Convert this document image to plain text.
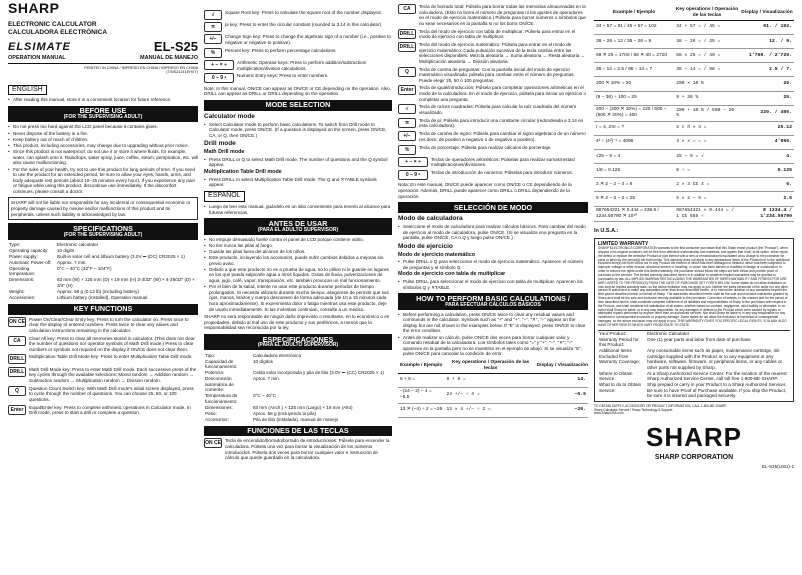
SHARP
ELECTRONIC CALCULATOR
CALCULADORA ELECTRÓNICA
ELSIMATE	EL-S25
OPERATION MANUAL	MANUAL DE MANEJO
PRINTED IN CHINA / IMPRESO EN CHINA / IMPRESO EN CHINA
(TINSZ1141EHXT)
ENGLISH
• After reading this manual, store it in a convenient location for future reference.
BEFORE USE
(FOR THE SUPERVISING ADULT)
• Do not press too hard against the LCD panel because it contains glass.
• Never dispose of the battery in a fire.
• Keep battery out of reach of children.
• This product, including accessories, may change due to upgrading without prior notice.
• Since this product is not waterproof, do not use it or store it where fluids, for example, water, can splash onto it. Raindrops, water spray, juice, coffee, steam, perspiration, etc. will also cause malfunctioning.
• For the sake of your health, try not to use this product for long periods of time. If you need to use the product for an extended period, be sure to allow your eyes, hands, arms, and body adequate rest periods (about 10–15 minutes every hour). If you experience any pain or fatigue while using this product, discontinue use immediately. If the discomfort continues, please consult a doctor.
SHARP will not be liable nor responsible for any incidental or consequential economic or property damage caused by misuse and/or malfunctions of this product and its peripherals, unless such liability is acknowledged by law.
SPECIFICATIONS
(FOR THE SUPERVISING ADULT)
Type:	Electronic calculator
Operating capacity:	10 digits
Power supply:	Built-in solar cell and lithium battery (3.0V ⎓ (DC) CR2025 × 1)
Automatic Power-off:	Approx. 7 min.
Operating temperature:	0°C – 40°C (32°F – 104°F)
Dimensions:	83 mm (W) × 125 mm (D) × 19 mm (H) 3-3/32" (W) × 4-29/32" (D) × 3/4" (H)
Weight:	Approx. 58 g (0.13 lb) (including battery)
Accessories:	Lithium battery (installed), Operation manual
KEY FUNCTIONS
ON CE Power On/Clear/Clear Entry key: Press to turn the calculator on. Press once to clear the display of entered numbers. Press twice to clear any values and calculation instructions remaining in the calculator.
CA	Clear All key: Press to clear all memories stored in calculator. (This does not clear the number of questions nor operator symbols of Math Drill mode.) Press to clear numbers or symbols not required on the display if ON/CE does not clear them.
DRILL	Multiplication Table Drill Mode key: Press to enter Multiplication Table Drill mode.
DRILL	Math Drill Mode key: Press to enter Math Drill mode. Each successive press of the key cycles through the available selections: Mixed random → Addition random → Subtraction random → Multiplication random → Division random.
Q	Question Count Switch key: With Math Drill mode's initial screen displayed, press to cycle through the number of questions. You can choose 25, 50, or 100 questions.
Enter	Equal/Enter key: Press to complete arithmetic operations in Calculator mode. In Drill mode, press to start a drill or complete a question.
√	Square Root key: Press to calculate the square root of the number displayed.
π	pi key: Press to enter the circular constant (rounded to 3.14 in this calculator).
+/−	Change Sign key: Press to change the algebraic sign of a number (i.e., positive to negative or negative to positive).
%	Percent key: Press to perform percentage calculations.
+ − × ÷	Arithmetic Operator keys: Press to perform addition/subtraction/ multiplication/division calculations.
0 – 9 •	Numeric Entry keys: Press to enter numbers.
Note: In this manual, ON/CE can appear as ON/CE or CE depending on the operation. Also, DRILL can appear as DRILL or DRILL depending on the operation.
MODE SELECTION
Calculator mode
• Select Calculator mode to perform basic calculations. To switch from Drill mode to Calculator mode, press ON/CE. (If a question is displayed on the screen, press ON/CE, CA, or Q, then ON/CE.)
Drill mode
Math Drill mode
• Press DRILL or Q to select Math Drill mode. The number of questions and the Q symbol appear.
Multiplication Table Drill mode
• Press DRILL to select Multiplication Table Drill mode. The Q and ✕TABLE symbols appear.
ESPAÑOL
• Luego de leer este manual, guárdelo en un sitio conveniente para tenerlo al alcance para futuras referencias.
ANTES DE USAR
(PARA EL ADULTO SUPERVISOR)
• No empuje demasiado fuerte contra el panel de LCD porque contiene vidrio.
• No tire nunca las pilas al fuego.
• Guarde las pilas fuera del alcance de los niños.
• Este producto, incluyendo los accesorios, puede sufrir cambios debidos a mejoras sin previo aviso.
• Debido a que este producto no es a prueba de agua, no lo utilice ni lo guarde en lugares en los que pueda salpicarle agua u otros líquidos. Gotas de lluvia, pulverizaciones de agua, jugo, café, vapor, transpiración, etc. también provocan un mal funcionamiento.
• Por el bien de la salud, intente no usar este producto durante períodos de tiempo prolongados. Si necesita utilizarlo durante mucho tiempo, asegúrese de permitir que sus ojos, manos, brazos y cuerpo descansen de forma adecuada (de 10 a 15 minutos cada hora aproximadamente). Si experimenta dolor o fatiga mientras usa este producto, deje de usarlo inmediatamente. Si las molestias continúan, consulte a un médico.
SHARP no será responsable de ningún daño imprevisto o resultante, en lo económico o en propiedades, debido al mal uso de este producto y sus periféricos, a menos que la responsabilidad sea reconocida por la ley.
ESPECIFICACIONES
(PARA EL ADULTO SUPERVISOR)
Tipo:	Calculadora electrónica
Capacidad de funcionamiento:	10 dígitos
Potencia:	Celda solar incorporada y pila de litio (3.0V ⎓ (CC) CR2025 × 1)
Desconexión automática de corriente:	Aprox. 7 min.
Temperatura de funcionamiento:	0°C – 40°C
Dimensiones:	83 mm (Anch.) × 125 mm (Largo) × 19 mm (Alto)
Peso:	Aprox. 58 g (incluyendo la pila)
Accesorios:	Pila de litio (instalada), manual de manejo
FUNCIONES DE LAS TECLAS
ON CE Tecla de encendido/borrado/borrado de introducciones: Púlsela para encender la calculadora. Púlsela una vez para borrar la visualización de los números introducidos. Púlsela dos veces para borrar cualquier valor e instrucción de cálculo que quede guardado en la calculadora.
CA	Tecla de borrado total: Púlsela para borrar todas las memorias almacenadas en la calculadora. (Esto no borra el número de preguntas ni los ajustes de operadores en el modo de ejercicio matemático.) Púlsela para borrar números o símbolos que no sean necesarios en la pantalla si no los borra ON/CE.
DRILL	Tecla del modo de ejercicio con tabla de multiplicar: Púlsela para entrar en el modo de ejercicio con tabla de multiplicar.
DRILL	Tecla del modo de ejercicio matemático: Púlsela para entrar en el modo de ejercicio matemático. Cada pulsación sucesiva de la tecla cambia entre las selecciones disponibles: Mezcla aleatoria → Suma aleatoria → Resta aleatoria → Multiplicación aleatoria → División aleatoria.
Q	Tecla de cuenta de preguntas: Con la pantalla inicial del modo de ejercicio matemático visualizada, púlsela para cambiar entre el número de preguntas. Puede elegir 25, 50 ó 100 preguntas.
Enter	Tecla de igual/introducción: Púlsela para completar operaciones aritméticas en el modo de la calculadora. En el modo de ejercicio, púlsela para iniciar un ejercicio o completar una pregunta.
√	Tecla de raíces cuadradas: Púlsela para calcular la raíz cuadrada del número visualizado.
π	Tecla de pi: Púlsela para introducir una constante circular (redondeada a 3,14 en esta calculadora).
+/−	Tecla de cambio de signo: Púlsela para cambiar el signo algebraico de un número (es decir, de positivo a negativo o de negativo a positivo).
%	Tecla de porcentaje: Púlsela para realizar cálculos de porcentaje.
+ − × ÷	Teclas de operadores aritméticos: Púlselas para realizar sumas/restas/ multiplicaciones/divisiones.
0 – 9 •	Teclas de introducción de números: Púlselas para introducir números.
Nota: En este manual, ON/CE puede aparecer como ON/CE o CE dependiendo de la operación. Además, DRILL puede aparecer como DRILL o DRILL dependiendo de la operación.
SELECCIÓN DE MODO
Modo de calculadora
• Seleccione el modo de calculadora para realizar cálculos básicos. Para cambiar del modo de ejercicio al modo de calculadora, pulse ON/CE. (Si se visualiza una pregunta en la pantalla, pulse ON/CE, CA o Q y luego pulse ON/CE.)
Modo de ejercicio
Modo de ejercicio matemático
• Pulse DRILL o Q para seleccionar el modo de ejercicio matemático. Aparecen el número de preguntas y el símbolo Q.
Modo de ejercicio con tabla de multiplicar
• Pulse DRILL para seleccionar el modo de ejercicio con tabla de multiplicar. Aparecen los símbolos Q y ✕TABLE.
HOW TO PERFORM BASIC CALCULATIONS /
PARA EFECTUAR CÁLCULOS BÁSICOS
• Before performing a calculation, press ON/CE twice to clear any residual values and commands in the calculator. Symbols such as "+" and "+", "−", "✕", "÷" appear on the display but are not shown in the examples below. If "E" is displayed, press ON/CE to clear the error condition.
• Antes de realizar un cálculo, pulse ON/CE dos veces para borrar cualquier valor y comando residual de la calculadora. Los símbolos tales como "=" y "+", "−", "✕", "÷" aparecen en la pantalla pero no se muestran en el ejemplo de abajo. Si se visualiza "E", pulse ON/CE para cancelar la condición de error.
Example / Ejemplo	Key operations / Operación de las teclas	Display / Visualización
6 + 8 =	6 + 8 =	14.
−(24 − 2) − 4 = −5.5	24 +/− ÷ 4 =	−5.5
13 ✕ (−4) ÷ 2 = −26	13 ✕ 4 +/− ÷ 2 =	−26.
Example / Ejemplo	Key operations / Operación de las teclas	Display / Visualización
34 + 57 = 91 / 45 + 57 = 102	34 + 57 = / 45 =	91. / 102.
38 − 26 = 12 / 35 − 26 = 9	38 − 26 = / 35 =	12. / 9.
68 ✕ 25 = 1700 / 68 ✕ 40 = 2720	68 ✕ 25 = / 40 =	1'700. / 2'720.
36 ÷ 14 = 2.5 / 98 ÷ 14 = 7	36 ÷ 14 = / 98 =	2.5 / 7.
200 ✕ 10% = 20	200 ✕ 10 %	20.
(9 − 36) ÷ 100 = 25	9 + 36 %	25.
200 − (200 ✕ 10%) = 220 / 500 − (500 ✕ 20%) = 400	200 + 10 % / 500 − 20 %	220. / 400.
r = 4, 2πr = ?	2 ✕ π ✕ 4 =	25.12
4² ÷ (4²)⁻¹ = 4096	4 ✕ ✕ = = =	4'096.
√25 − 9 = 4	25 − 9 = √	4.
1/8 = 0.125	8 ÷ =	0.125
2 ✕ 2 − 2 − 4 = 6	2 ✕ 3 CE 4 =	6.
5 ✕ 2 − 5 − 2 = 25	5 ✕ 2 − 5 =	2.5
987654321 ✕ 0.444 = 438.5 / 1234.56790 ✕ 10¹⁰	987654321 ✕ 0.444 = / 1 CE 555 ÷	E 1234.4 / 1'234.56790
In U.S.A.:
LIMITED WARRANTY
SHARP ELECTRONICS CORPORATION warrants to the first consumer purchaser that this Sharp brand product (the "Product"), when shipped in its original container, will be free from defective workmanship and materials, and agrees that it will, at its option, either repair the defect or replace the defective Product or part thereof with a new or remanufactured equivalent at no charge to the purchaser for parts or labor for the period(s) set forth below. This warranty does not apply to any appearance items of the Product nor to the additional excluded item(s) set forth below nor to any Product the exterior of which has been damaged or defaced, which has been subjected to improper voltage or other misuse, abnormal service or handling, or which has been altered or modified in design or construction. In order to enforce the rights under this limited warranty, the purchaser should follow the steps set forth below and provide proof of purchase to the servicer. The limited warranty described herein is in addition to whatever implied warranties may be granted to purchasers by law. ALL IMPLIED WARRANTIES INCLUDING THE WARRANTIES OF MERCHANTABILITY AND FITNESS FOR USE ARE LIMITED TO THE PERIOD(S) FROM THE DATE OF PURCHASE SET FORTH BELOW. Some states do not allow limitations on how long an implied warranty lasts, so the above limitation may not apply to you. Neither the sales personnel of the seller nor any other person is authorized to make any warranties other than those described herein, or to extend the duration of any warranties beyond the time period described herein on behalf of Sharp. The warranties described herein shall be the sole and exclusive warranties granted by Sharp and shall be the sole and exclusive remedy available to the purchaser. Correction of defects, in the manner and for the period of time described herein, shall constitute complete fulfillment of all liabilities and responsibilities of Sharp to the purchaser with respect to the Product, and shall constitute full satisfaction of all claims, whether based on contract, negligence, strict liability or otherwise. In no event shall Sharp be liable, or in any way responsible, for any damages or defects in the Product which were caused by repairs or attempted repairs performed by anyone other than an authorized servicer. Nor shall Sharp be liable or in any way responsible for any incidental or consequential economic or property damage. Some states do not allow the exclusion of incidental or consequential damages, so the above exclusion may not apply to you. THIS WARRANTY GIVES YOU SPECIFIC LEGAL RIGHTS. YOU MAY ALSO HAVE OTHER RIGHTS WHICH VARY FROM STATE TO STATE.
Your Product:	Electronic Calculator
Warranty Period for this Product:	One (1) year parts and labor from date of purchase
Additional Items Excluded from Warranty Coverage:	Any consumable items such as paper, maintenance cartridge, ink cartridge supplied with the Product or to any equipment or any hardware, software, firmware, or peripheral items, or any cables or other parts not supplied by Sharp.
Where to Obtain Service:	At a Sharp Authorized Service Center. For the location of the nearest Sharp Authorized Service Center, call toll free 1-800-BE-SHARP.
What to do to Obtain Service:	Ship prepaid or carry in your Product to a Sharp Authorized Servicer. Be sure to have Proof of Purchase available. If you ship the Product, be sure it is insured and packaged securely.
TO OBTAIN SUPPLY, ACCESSORY OR PRODUCT INFORMATION, CALL 1-800-BE-SHARP.
Sharp Calculator Service / Sharp Technology & Support
www.SharpUSA.com
SHARP
SHARP CORPORATION
EL-S25(USU)-1
